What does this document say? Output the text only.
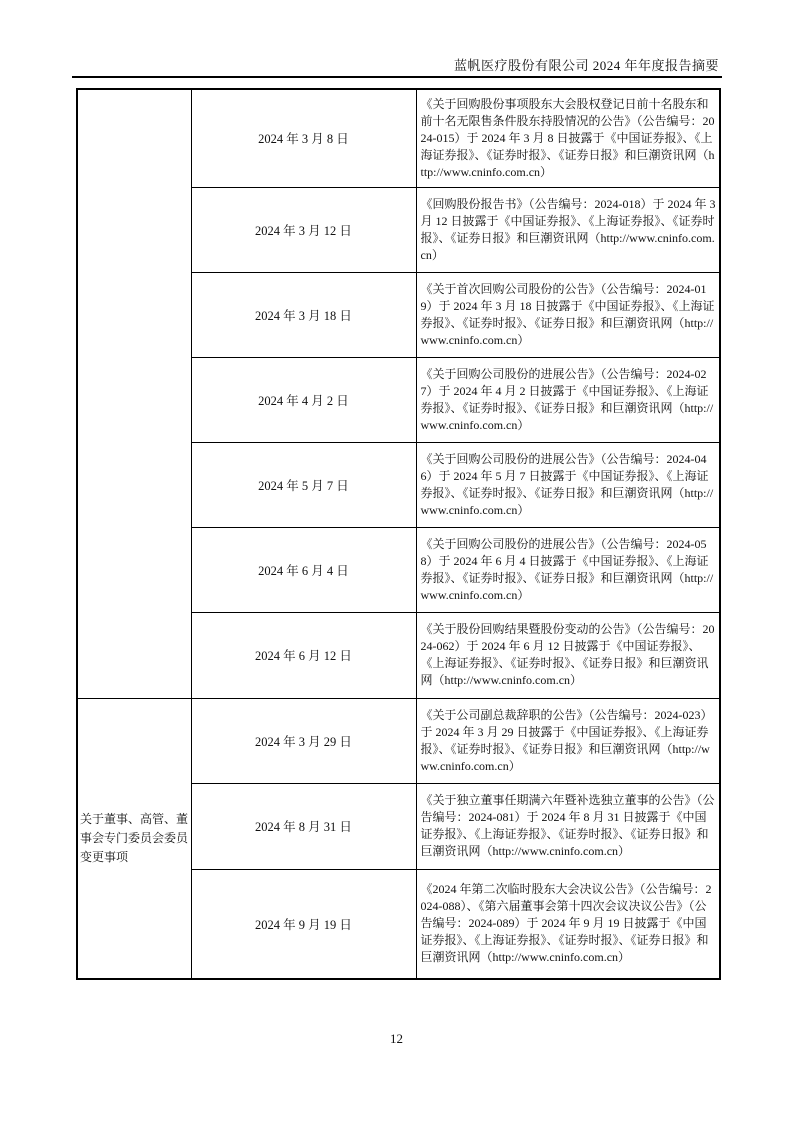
蓝帆医疗股份有限公司 2024 年年度报告摘要
	2024 年 3 月 8 日	《关于回购股份事项股东大会股权登记日前十名股东和前十名无限售条件股东持股情况的公告》（公告编号：2024-015）于 2024 年 3 月 8 日披露于《中国证券报》、《上海证券报》、《证券时报》、《证券日报》和巨潮资讯网（http://www.cninfo.com.cn）
	2024 年 3 月 12 日	《回购股份报告书》（公告编号：2024-018）于 2024 年 3 月 12 日披露于《中国证券报》、《上海证券报》、《证券时报》、《证券日报》和巨潮资讯网（http://www.cninfo.com.cn）
	2024 年 3 月 18 日	《关于首次回购公司股份的公告》（公告编号：2024-019）于 2024 年 3 月 18 日披露于《中国证券报》、《上海证券报》、《证券时报》、《证券日报》和巨潮资讯网（http://www.cninfo.com.cn）
	2024 年 4 月 2 日	《关于回购公司股份的进展公告》（公告编号：2024-027）于 2024 年 4 月 2 日披露于《中国证券报》、《上海证券报》、《证券时报》、《证券日报》和巨潮资讯网（http://www.cninfo.com.cn）
	2024 年 5 月 7 日	《关于回购公司股份的进展公告》（公告编号：2024-046）于 2024 年 5 月 7 日披露于《中国证券报》、《上海证券报》、《证券时报》、《证券日报》和巨潮资讯网（http://www.cninfo.com.cn）
	2024 年 6 月 4 日	《关于回购公司股份的进展公告》（公告编号：2024-058）于 2024 年 6 月 4 日披露于《中国证券报》、《上海证券报》、《证券时报》、《证券日报》和巨潮资讯网（http://www.cninfo.com.cn）
	2024 年 6 月 12 日	《关于股份回购结果暨股份变动的公告》（公告编号：2024-062）于 2024 年 6 月 12 日披露于《中国证券报》、《上海证券报》、《证券时报》、《证券日报》和巨潮资讯网（http://www.cninfo.com.cn）
关于董事、高管、董事会专门委员会委员变更事项	2024 年 3 月 29 日	《关于公司副总裁辞职的公告》（公告编号：2024-023）于 2024 年 3 月 29 日披露于《中国证券报》、《上海证券报》、《证券时报》、《证券日报》和巨潮资讯网（http://www.cninfo.com.cn）
	2024 年 8 月 31 日	《关于独立董事任期满六年暨补选独立董事的公告》（公告编号：2024-081）于 2024 年 8 月 31 日披露于《中国证券报》、《上海证券报》、《证券时报》、《证券日报》和巨潮资讯网（http://www.cninfo.com.cn）
	2024 年 9 月 19 日	《2024 年第二次临时股东大会决议公告》（公告编号：2024-088）、《第六届董事会第十四次会议决议公告》（公告编号：2024-089）于 2024 年 9 月 19 日披露于《中国证券报》、《上海证券报》、《证券时报》、《证券日报》和巨潮资讯网（http://www.cninfo.com.cn）
12
